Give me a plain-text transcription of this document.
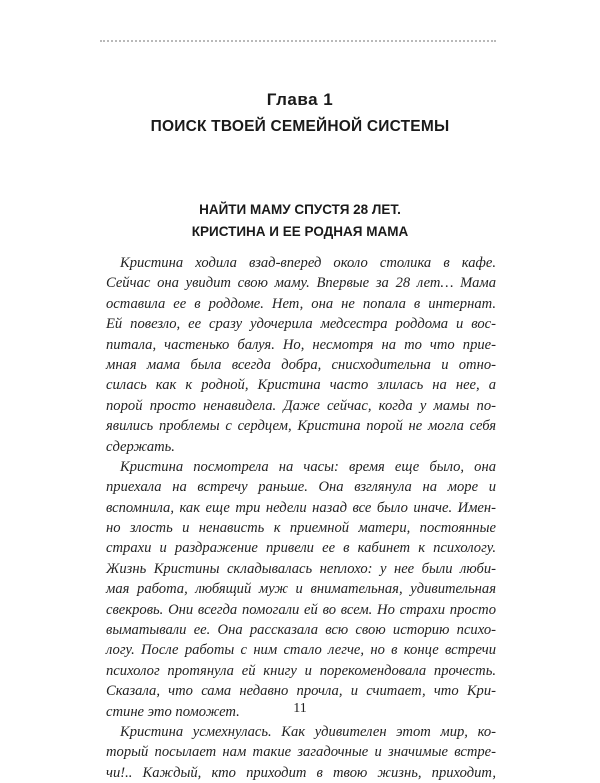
Глава 1
ПОИСК ТВОЕЙ СЕМЕЙНОЙ СИСТЕМЫ
НАЙТИ МАМУ СПУСТЯ 28 ЛЕТ.
КРИСТИНА И ЕЕ РОДНАЯ МАМА
Кристина ходила взад-вперед около столика в кафе.
Сейчас она увидит свою маму. Впервые за 28 лет… Мама
оставила ее в роддоме. Нет, она не попала в интернат.
Ей повезло, ее сразу удочерила медсестра роддома и вос-
питала, частенько балуя. Но, несмотря на то что прие-
мная мама была всегда добра, снисходительна и отно-
силась как к родной, Кристина часто злилась на нее, а
порой просто ненавидела. Даже сейчас, когда у мамы по-
явились проблемы с сердцем, Кристина порой не могла себя
сдержать.
Кристина посмотрела на часы: время еще было, она
приехала на встречу раньше. Она взглянула на море и
вспомнила, как еще три недели назад все было иначе. Имен-
но злость и ненависть к приемной матери, постоянные
страхи и раздражение привели ее в кабинет к психологу.
Жизнь Кристины складывалась неплохо: у нее были люби-
мая работа, любящий муж и внимательная, удивительная
свекровь. Они всегда помогали ей во всем. Но страхи просто
выматывали ее. Она рассказала всю свою историю психо-
логу. После работы с ним стало легче, но в конце встречи
психолог протянула ей книгу и порекомендовала прочесть.
Сказала, что сама недавно прочла, и считает, что Кри-
стине это поможет.
Кристина усмехнулась. Как удивителен этот мир, ко-
торый посылает нам такие загадочные и значимые встре-
чи!.. Каждый, кто приходит в твою жизнь, приходит,
11
